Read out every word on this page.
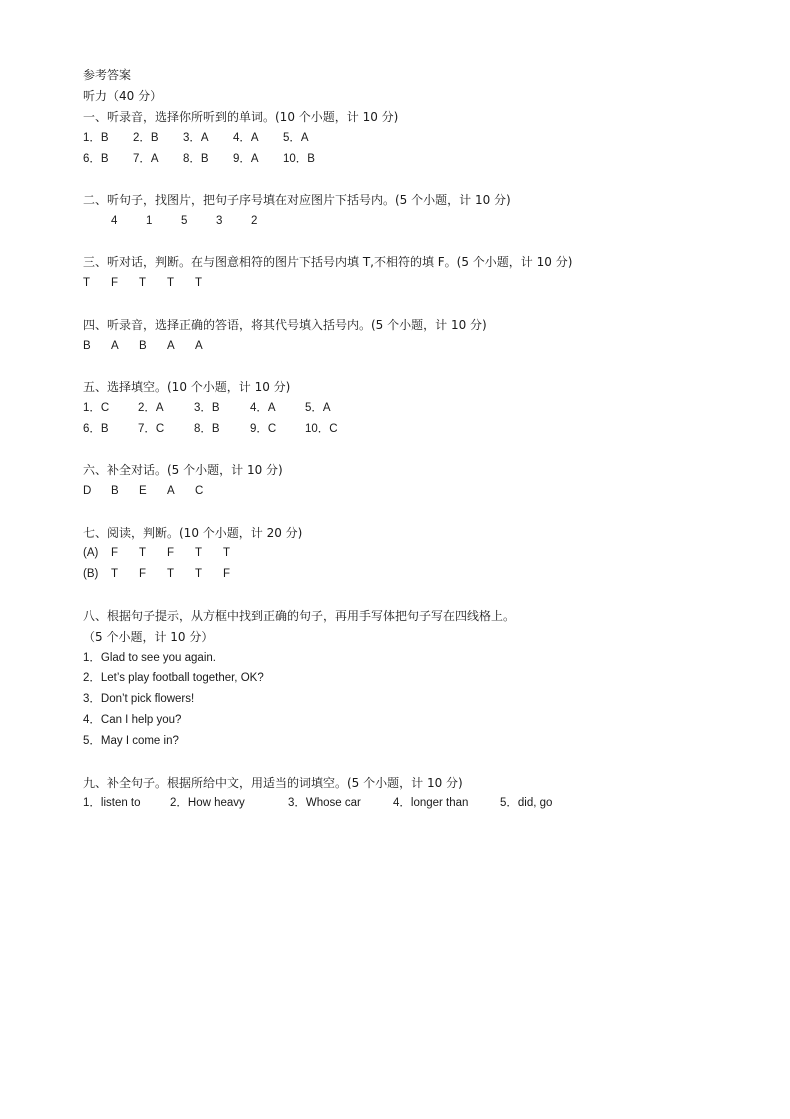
参考答案
听力（40 分）
一、听录音，选择你所听到的单词。(10 个小题，计 10 分)
1．B 2．B 3．A 4．A 5．A
6．B 7．A 8．B 9．A 10．B
二、听句子，找图片，把句子序号填在对应图片下括号内。(5 个小题，计 10 分)
4 1 5 3 2
三、听对话，判断。在与图意相符的图片下括号内填 T,不相符的填 F。(5 个小题，计 10 分)
T F T T T
四、听录音，选择正确的答语，将其代号填入括号内。(5 个小题，计 10 分)
B A B A A
五、选择填空。(10 个小题，计 10 分)
1．C	2．A	3．B	4．A	5．A
6．B	7．C	8．B	9．C	10．C
六、补全对话。(5 个小题，计 10 分)
D B E A C
七、阅读，判断。(10 个小题，计 20 分)
(A) F T F T T
(B) T F T T F
八、根据句子提示，从方框中找到正确的句子，再用手写体把句子写在四线格上。
（5 个小题，计 10 分）
1．Glad to see you again.
2．Let’s play football together, OK?
3．Don’t pick flowers!
4．Can I help you?
5．May I come in?
九、补全句子。根据所给中文，用适当的词填空。(5 个小题，计 10 分)
1．listen to	2．How heavy	3．Whose car	4．longer than	5．did, go
